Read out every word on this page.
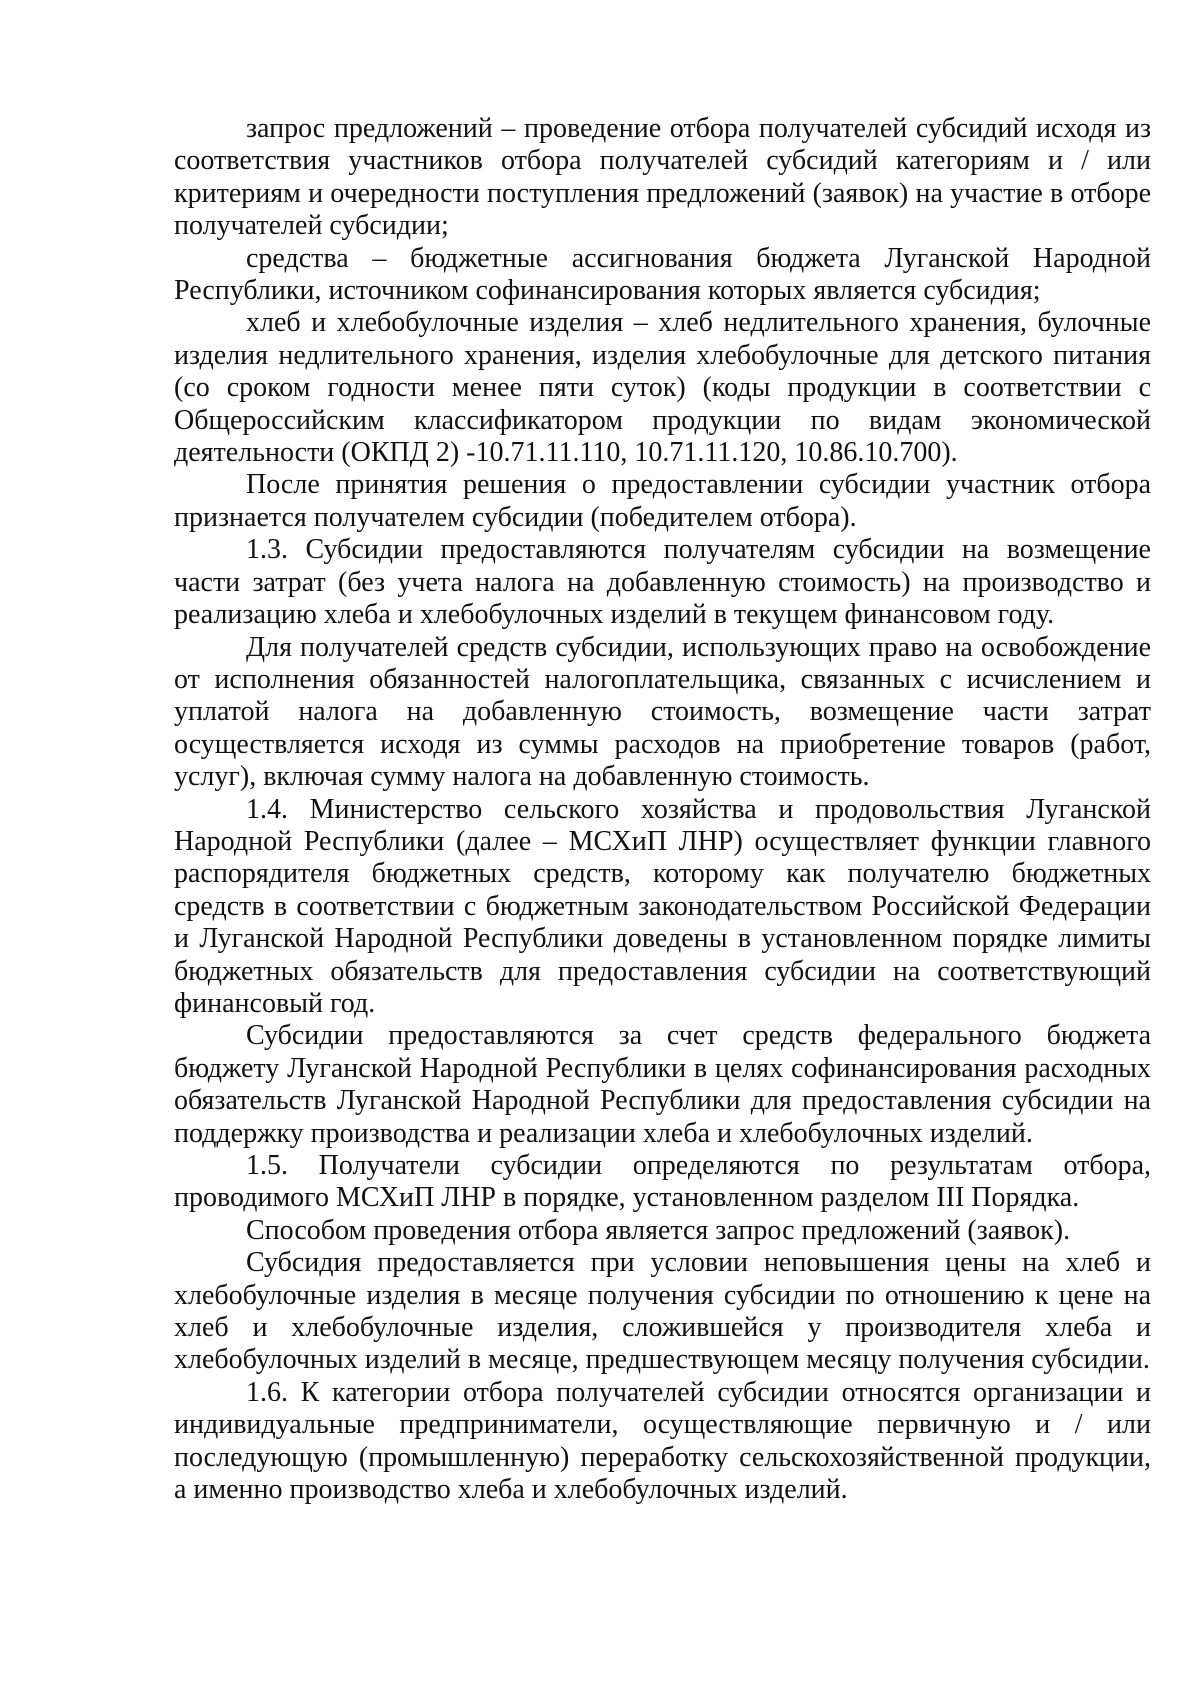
запрос предложений – проведение отбора получателей субсидий исходя из соответствия участников отбора получателей субсидий категориям и / или критериям и очередности поступления предложений (заявок) на участие в отборе получателей субсидии;

средства – бюджетные ассигнования бюджета Луганской Народной Республики, источником софинансирования которых является субсидия;

хлеб и хлебобулочные изделия – хлеб недлительного хранения, булочные изделия недлительного хранения, изделия хлебобулочные для детского питания (со сроком годности менее пяти суток) (коды продукции в соответствии с Общероссийским классификатором продукции по видам экономической деятельности (ОКПД 2) -10.71.11.110, 10.71.11.120, 10.86.10.700).

После принятия решения о предоставлении субсидии участник отбора признается получателем субсидии (победителем отбора).

1.3. Субсидии предоставляются получателям субсидии на возмещение части затрат (без учета налога на добавленную стоимость) на производство и реализацию хлеба и хлебобулочных изделий в текущем финансовом году.

Для получателей средств субсидии, использующих право на освобождение от исполнения обязанностей налогоплательщика, связанных с исчислением и уплатой налога на добавленную стоимость, возмещение части затрат осуществляется исходя из суммы расходов на приобретение товаров (работ, услуг), включая сумму налога на добавленную стоимость.

1.4. Министерство сельского хозяйства и продовольствия Луганской Народной Республики (далее – МСХиП ЛНР) осуществляет функции главного распорядителя бюджетных средств, которому как получателю бюджетных средств в соответствии с бюджетным законодательством Российской Федерации и Луганской Народной Республики доведены в установленном порядке лимиты бюджетных обязательств для предоставления субсидии на соответствующий финансовый год.

Субсидии предоставляются за счет средств федерального бюджета бюджету Луганской Народной Республики в целях софинансирования расходных обязательств Луганской Народной Республики для предоставления субсидии на поддержку производства и реализации хлеба и хлебобулочных изделий.

1.5. Получатели субсидии определяются по результатам отбора, проводимого МСХиП ЛНР в порядке, установленном разделом III Порядка.

Способом проведения отбора является запрос предложений (заявок).

Субсидия предоставляется при условии неповышения цены на хлеб и хлебобулочные изделия в месяце получения субсидии по отношению к цене на хлеб и хлебобулочные изделия, сложившейся у производителя хлеба и хлебобулочных изделий в месяце, предшествующем месяцу получения субсидии.

1.6. К категории отбора получателей субсидии относятся организации и индивидуальные предприниматели, осуществляющие первичную и / или последующую (промышленную) переработку сельскохозяйственной продукции, а именно производство хлеба и хлебобулочных изделий.
